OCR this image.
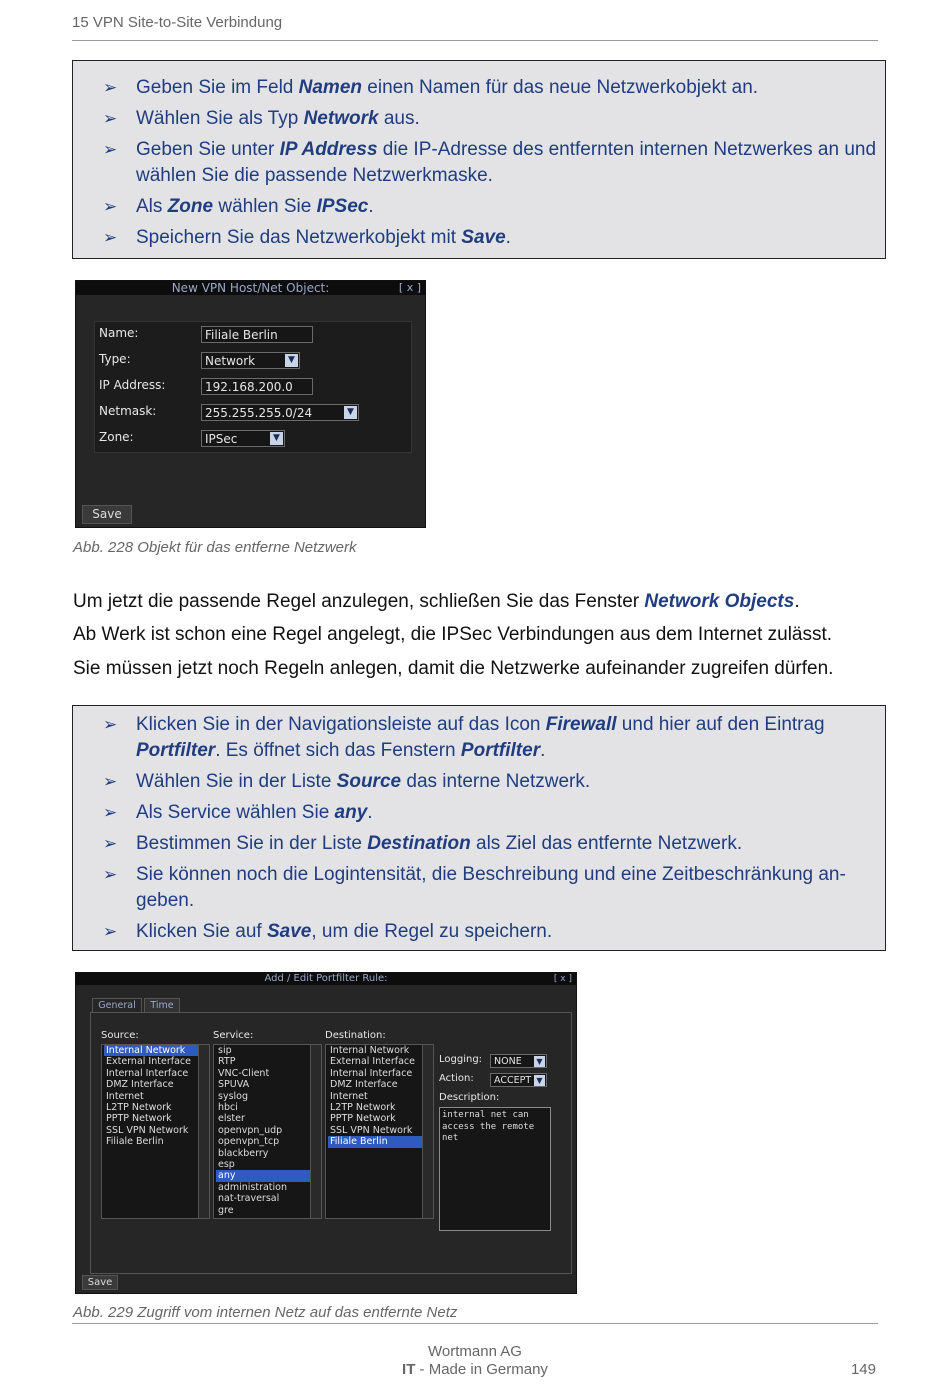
15 VPN Site-to-Site Verbindung
➢ Geben Sie im Feld Namen einen Namen für das neue Netzwerkobjekt an.
➢ Wählen Sie als Typ Network aus.
➢ Geben Sie unter IP Address die IP-Adresse des entfernten internen Netzwerkes an und wählen Sie die passende Netzwerkmaske.
➢ Als Zone wählen Sie IPSec.
➢ Speichern Sie das Netzwerkobjekt mit Save.
New VPN Host/Net Object:	[ x ]
Name:	Filiale Berlin
Type:	Network	▼
IP Address:	192.168.200.0
Netmask:	255.255.255.0/24	▼
Zone:	IPSec	▼
Save
Abb. 228 Objekt für das entferne Netzwerk
Um jetzt die passende Regel anzulegen, schließen Sie das Fenster Network Objects.
Ab Werk ist schon eine Regel angelegt, die IPSec Verbindungen aus dem Internet zulässt.
Sie müssen jetzt noch Regeln anlegen, damit die Netzwerke aufeinander zugreifen dürfen.
➢ Klicken Sie in der Navigationsleiste auf das Icon Firewall und hier auf den Eintrag Portfilter. Es öffnet sich das Fenstern Portfilter.
➢ Wählen Sie in der Liste Source das interne Netzwerk.
➢ Als Service wählen Sie any.
➢ Bestimmen Sie in der Liste Destination als Ziel das entfernte Netzwerk.
➢ Sie können noch die Logintensität, die Beschreibung und eine Zeitbeschränkung an-geben.
➢ Klicken Sie auf Save, um die Regel zu speichern.
Add / Edit Portfilter Rule:	[ x ]
General	Time
Source:
Internal Network
External Interface
Internal Interface
DMZ Interface
Internet
L2TP Network
PPTP Network
SSL VPN Network
Filiale Berlin
Service:
sip
RTP
VNC-Client
SPUVA
syslog
hbci
elster
openvpn_udp
openvpn_tcp
blackberry
esp
any
administration
nat-traversal
gre
Destination:
Internal Network
External Interface
Internal Interface
DMZ Interface
Internet
L2TP Network
PPTP Network
SSL VPN Network
Filiale Berlin
Logging:	NONE	▼
Action:	ACCEPT ▼
Description:
internal net can access the remote net
Save
Abb. 229 Zugriff vom internen Netz auf das entfernte Netz
Wortmann AG
IT - Made in Germany	149
